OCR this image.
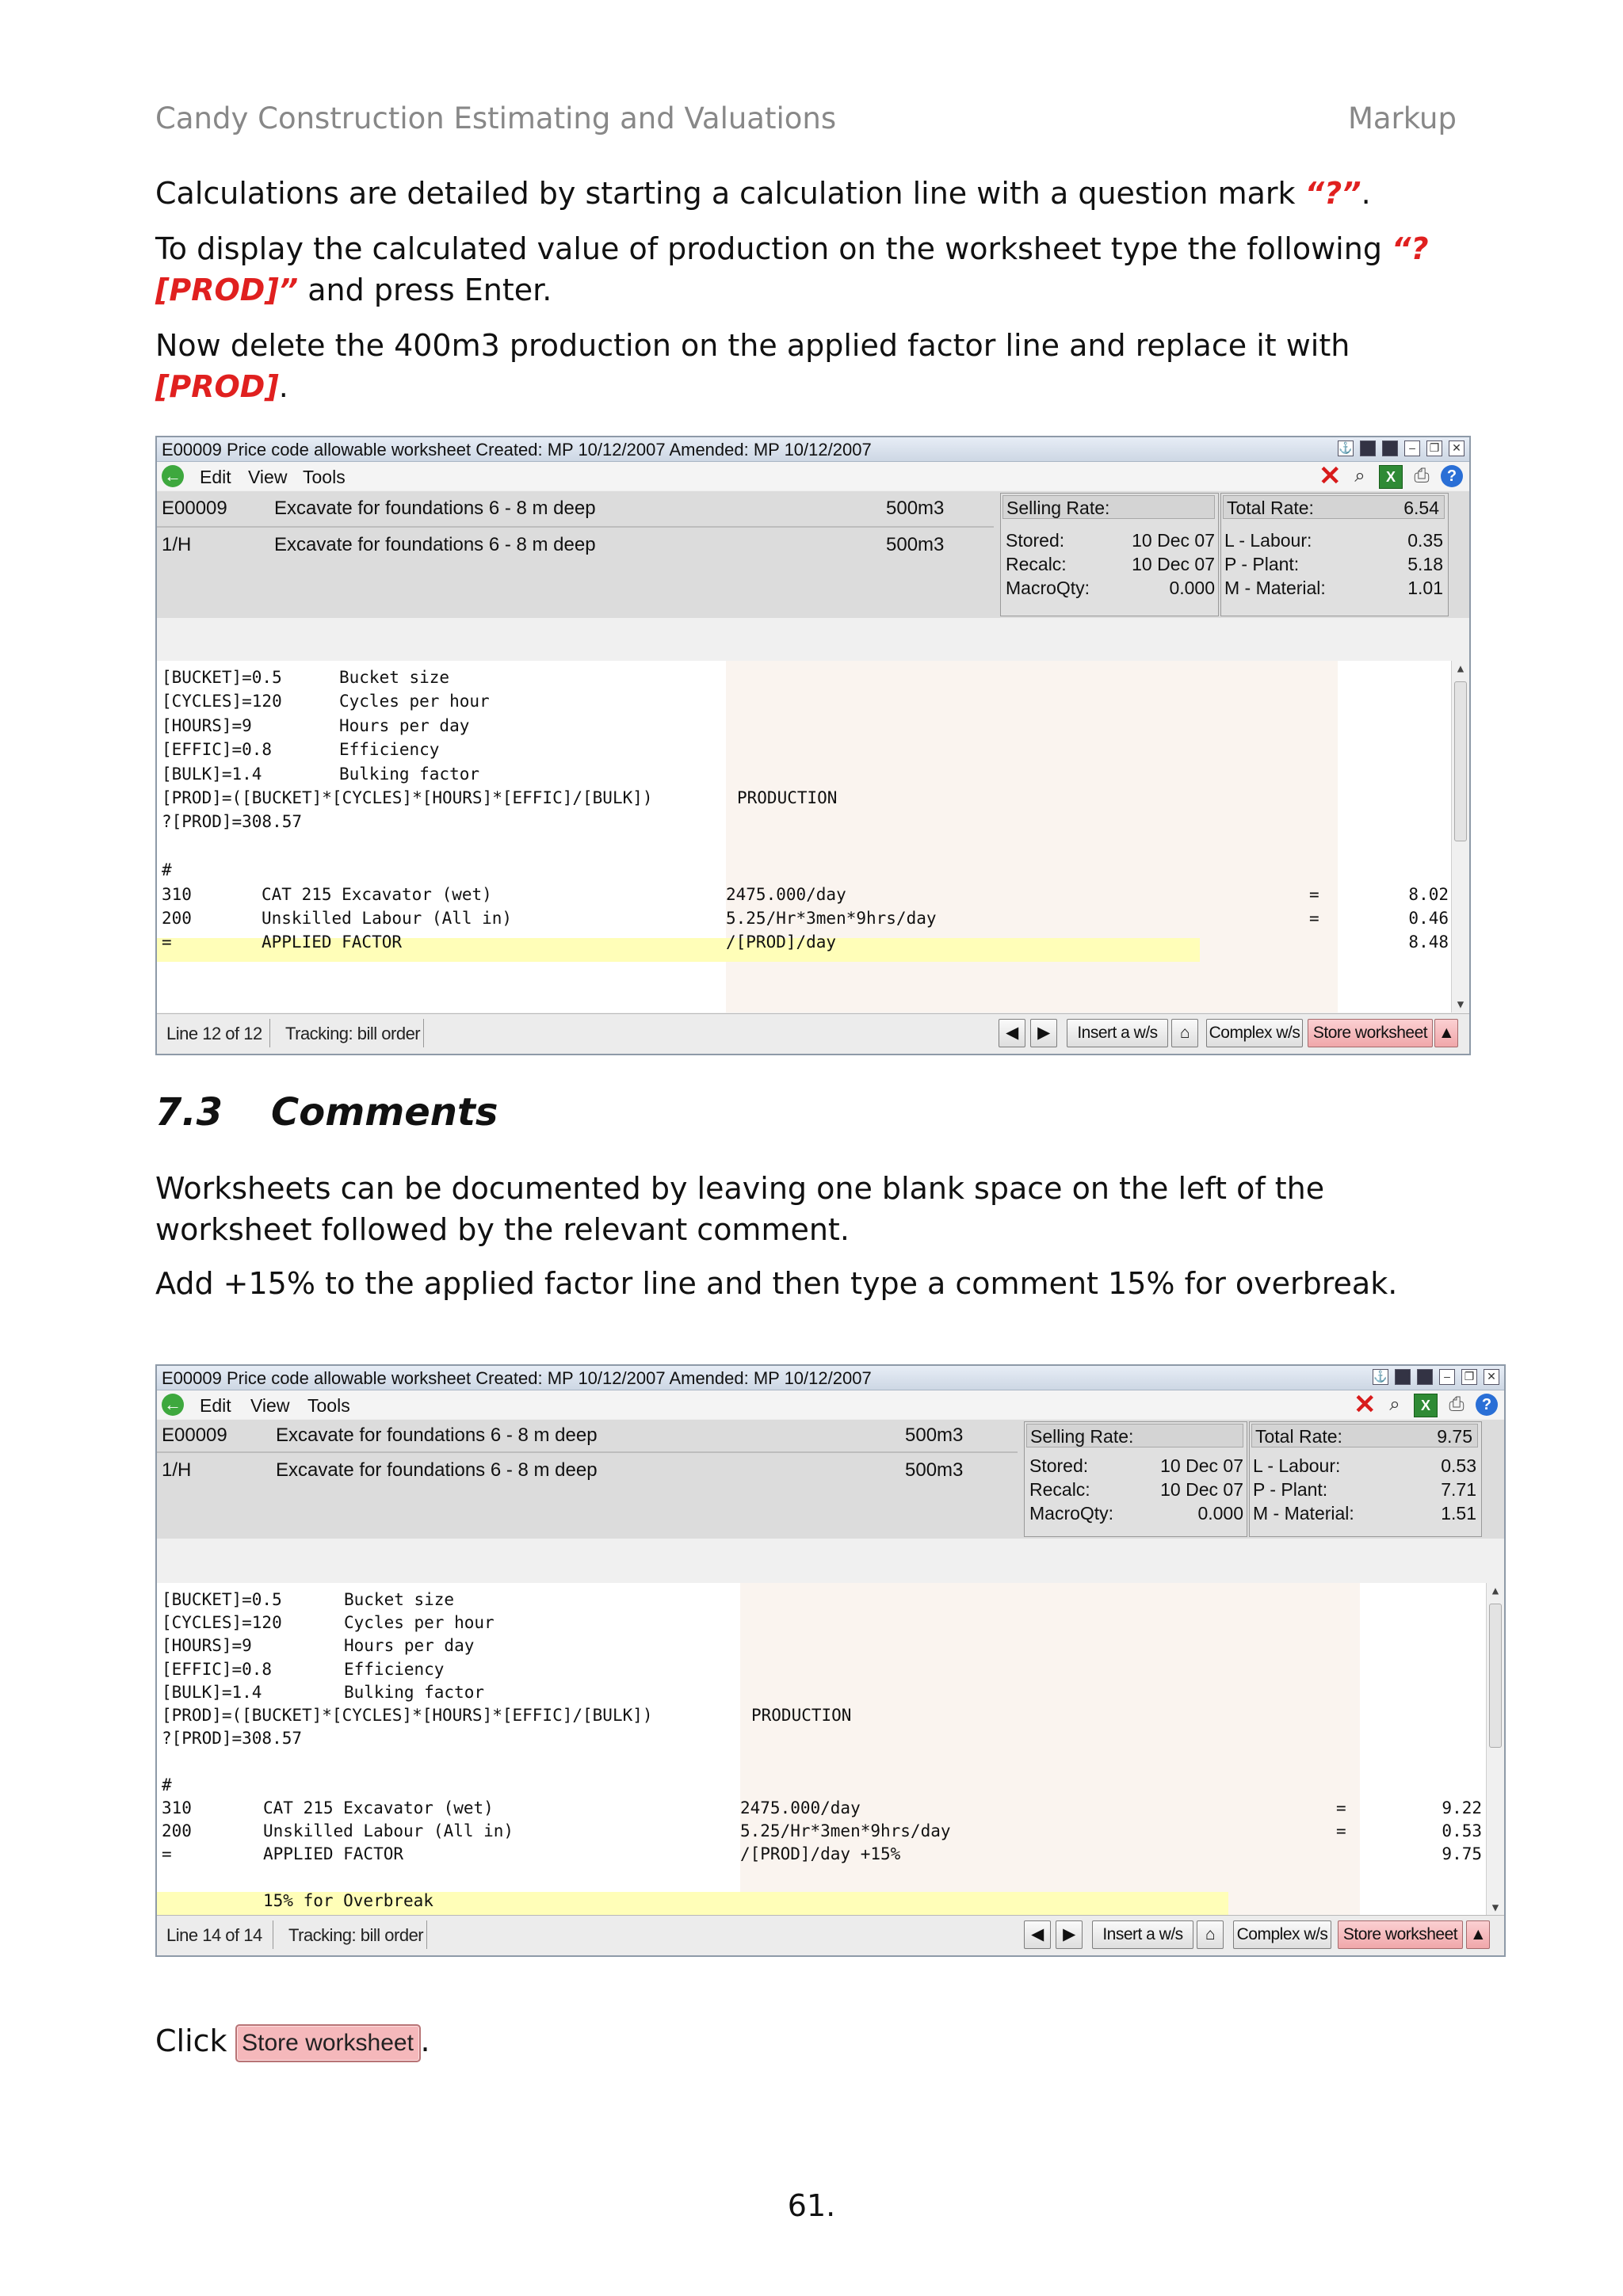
Candy Construction Estimating and Valuations	Markup
Calculations are detailed by starting a calculation line with a question mark “?”.
To display the calculated value of production on the worksheet type the following “?[PROD]” and press Enter.
Now delete the 400m3 production on the applied factor line and replace it with [PROD].
E00009 Price code allowable worksheet Created: MP 10/12/2007 Amended: MP 10/12/2007	⚓	–	❐ ✕
← Edit View Tools	✕ ⌕	X ⎙	?
E00009 Excavate for foundations 6 - 8 m deep	500m3
1/H	Excavate for foundations 6 - 8 m deep	500m3
Selling Rate:
Stored:	10 Dec 07
Recalc:	10 Dec 07
MacroQty:	0.000
Total Rate:	6.54
L - Labour:	0.35
P - Plant:	5.18
M - Material:	1.01
[BUCKET]=0.5	Bucket size
[CYCLES]=120	Cycles per hour
[HOURS]=9	Hours per day
[EFFIC]=0.8	Efficiency
[BULK]=1.4	Bulking factor
[PROD]=([BUCKET]*[CYCLES]*[HOURS]*[EFFIC]/[BULK])	PRODUCTION
?[PROD]=308.57
#
310	CAT 215 Excavator (wet)	2475.000/day	=	8.02
200	Unskilled Labour (All in)	5.25/Hr*3men*9hrs/day	=	0.46
=	APPLIED FACTOR	/[PROD]/day	8.48
▲
▼
Line 12 of 12 Tracking: bill order	◀	▶	Insert a w/s	⌂	Complex w/s Store worksheet ▲
7.3 Comments
Worksheets can be documented by leaving one blank space on the left of the worksheet followed by the relevant comment.
Add +15% to the applied factor line and then type a comment 15% for overbreak.
E00009 Price code allowable worksheet Created: MP 10/12/2007 Amended: MP 10/12/2007	⚓	–	❐ ✕
← Edit View Tools	✕ ⌕	X ⎙	?
E00009	Excavate for foundations 6 - 8 m deep	500m3
1/H	Excavate for foundations 6 - 8 m deep	500m3
Selling Rate:
Stored:	10 Dec 07
Recalc:	10 Dec 07
MacroQty:	0.000
Total Rate:	9.75
L - Labour:	0.53
P - Plant:	7.71
M - Material:	1.51
[BUCKET]=0.5	Bucket size
[CYCLES]=120	Cycles per hour
[HOURS]=9	Hours per day
[EFFIC]=0.8	Efficiency
[BULK]=1.4	Bulking factor
[PROD]=([BUCKET]*[CYCLES]*[HOURS]*[EFFIC]/[BULK])	PRODUCTION
?[PROD]=308.57
#
310	CAT 215 Excavator (wet)	2475.000/day	=	9.22
200	Unskilled Labour (All in)	5.25/Hr*3men*9hrs/day	=	0.53
=	APPLIED FACTOR	/[PROD]/day +15%	9.75
15% for Overbreak
▲
▼
Line 14 of 14 Tracking: bill order	◀	▶	Insert a w/s	⌂	Complex w/s Store worksheet ▲
Click Store worksheet .
61.
